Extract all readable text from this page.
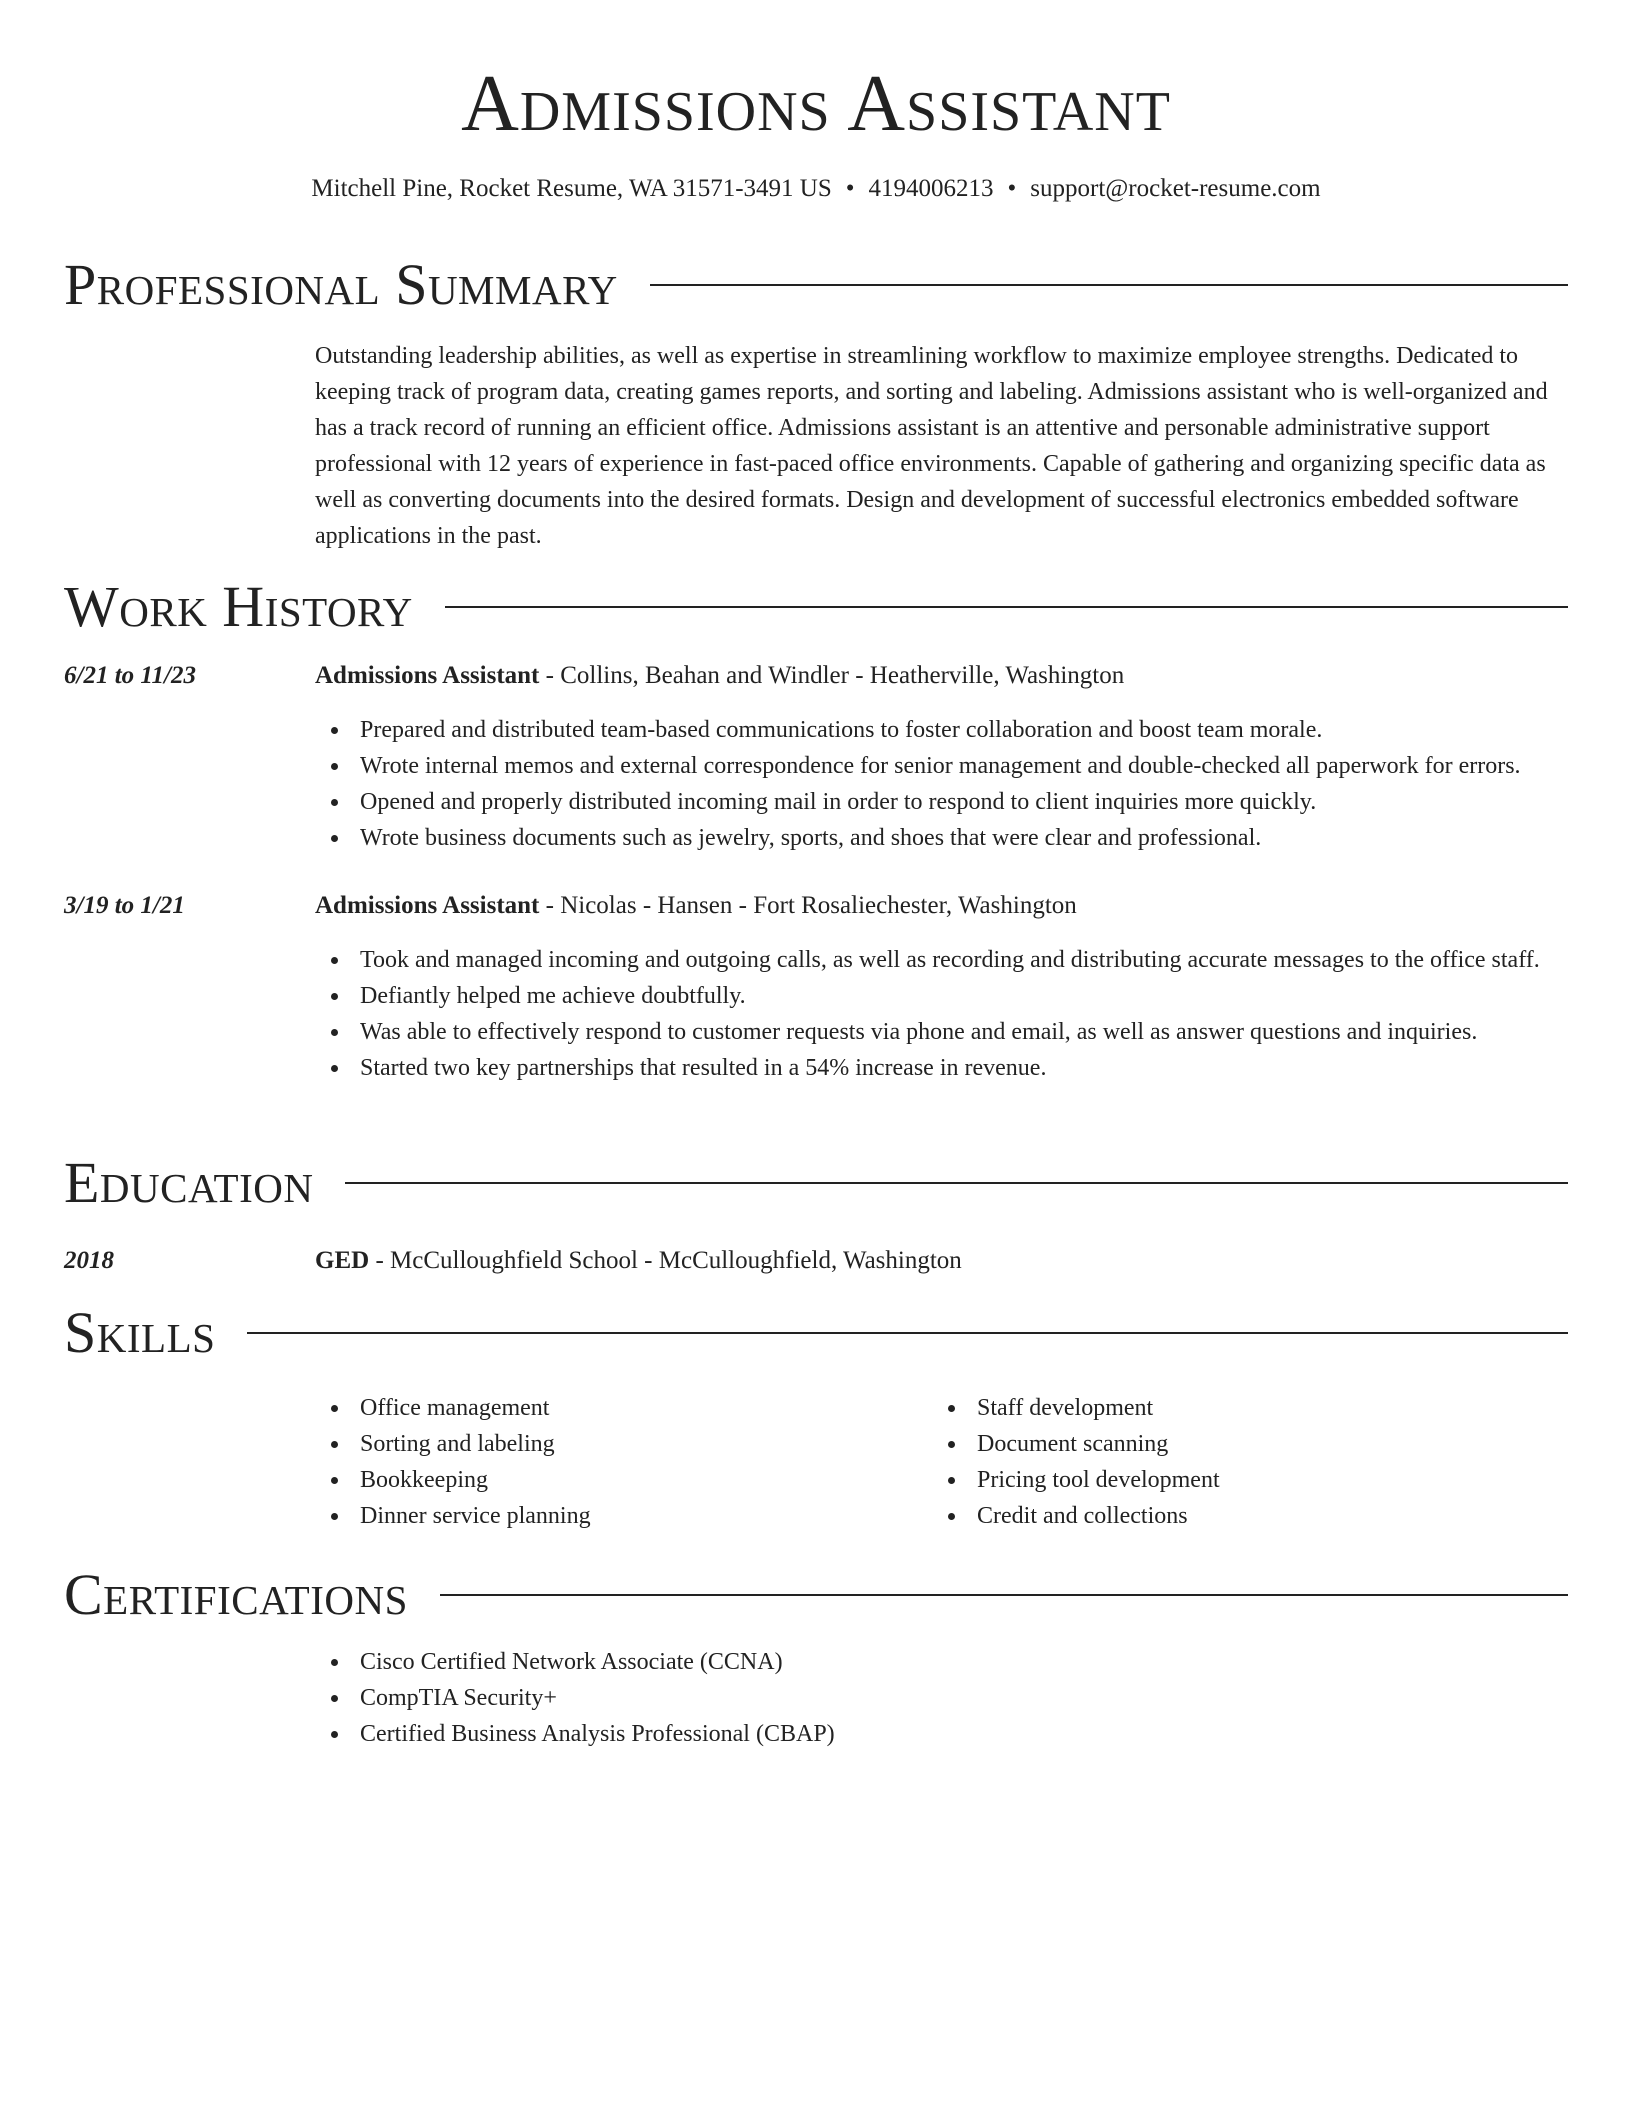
Admissions Assistant
Mitchell Pine, Rocket Resume, WA 31571-3491 US • 4194006213 • support@rocket-resume.com
Professional Summary

Outstanding leadership abilities, as well as expertise in streamlining workflow to maximize employee strengths. Dedicated to keeping track of program data, creating games reports, and sorting and labeling. Admissions assistant who is well-organized and has a track record of running an efficient office. Admissions assistant is an attentive and personable administrative support professional with 12 years of experience in fast-paced office environments. Capable of gathering and organizing specific data as well as converting documents into the desired formats. Design and development of successful electronics embedded software applications in the past.

Work History
6/21 to 11/23	Admissions Assistant - Collins, Beahan and Windler - Heatherville, Washington
Prepared and distributed team-based communications to foster collaboration and boost team morale.
Wrote internal memos and external correspondence for senior management and double-checked all paperwork for errors.
Opened and properly distributed incoming mail in order to respond to client inquiries more quickly.
Wrote business documents such as jewelry, sports, and shoes that were clear and professional.
3/19 to 1/21	Admissions Assistant - Nicolas - Hansen - Fort Rosaliechester, Washington
Took and managed incoming and outgoing calls, as well as recording and distributing accurate messages to the office staff.
Defiantly helped me achieve doubtfully.
Was able to effectively respond to customer requests via phone and email, as well as answer questions and inquiries.
Started two key partnerships that resulted in a 54% increase in revenue.
Education
2018	GED - McCulloughfield School - McCulloughfield, Washington
Skills
Office management
Sorting and labeling
Bookkeeping
Dinner service planning
Staff development
Document scanning
Pricing tool development
Credit and collections
Certifications
Cisco Certified Network Associate (CCNA)
CompTIA Security+
Certified Business Analysis Professional (CBAP)
